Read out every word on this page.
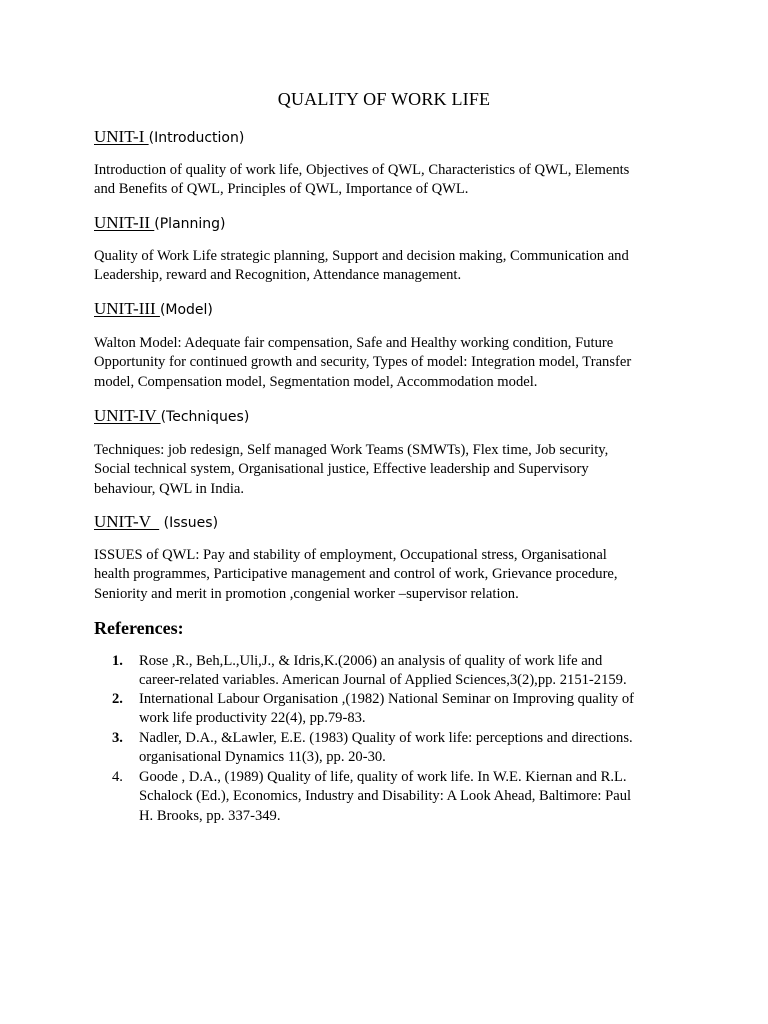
QUALITY OF WORK LIFE
UNIT-I (Introduction)
Introduction of quality of work life, Objectives of QWL, Characteristics of QWL, Elements
and Benefits of QWL, Principles of QWL, Importance of QWL.
UNIT-II (Planning)
Quality of Work Life strategic planning, Support and decision making, Communication and
Leadership, reward and Recognition, Attendance management.
UNIT-III (Model)
Walton Model: Adequate fair compensation, Safe and Healthy working condition, Future
Opportunity for continued growth and security, Types of model: Integration model, Transfer
model, Compensation model, Segmentation model, Accommodation model.
UNIT-IV (Techniques)
Techniques: job redesign, Self managed Work Teams (SMWTs), Flex time, Job security,
Social technical system, Organisational justice, Effective leadership and Supervisory
behaviour, QWL in India.
UNIT-V   (Issues)
ISSUES of QWL: Pay and stability of employment, Occupational stress, Organisational
health programmes, Participative management and control of work, Grievance procedure,
Seniority and merit in promotion ,congenial worker –supervisor relation.
References:
1.	Rose ,R., Beh,L.,Uli,J., & Idris,K.(2006) an analysis of quality of work life and
career-related variables. American Journal of Applied Sciences,3(2),pp. 2151-2159.
2.	International Labour Organisation ,(1982) National Seminar on Improving quality of
work life productivity 22(4), pp.79-83.
3.	Nadler, D.A., &Lawler, E.E. (1983) Quality of work life: perceptions and directions.
organisational Dynamics 11(3), pp. 20-30.
4.	Goode , D.A., (1989) Quality of life, quality of work life. In W.E. Kiernan and R.L.
Schalock (Ed.), Economics, Industry and Disability: A Look Ahead, Baltimore: Paul
H. Brooks, pp. 337-349.
